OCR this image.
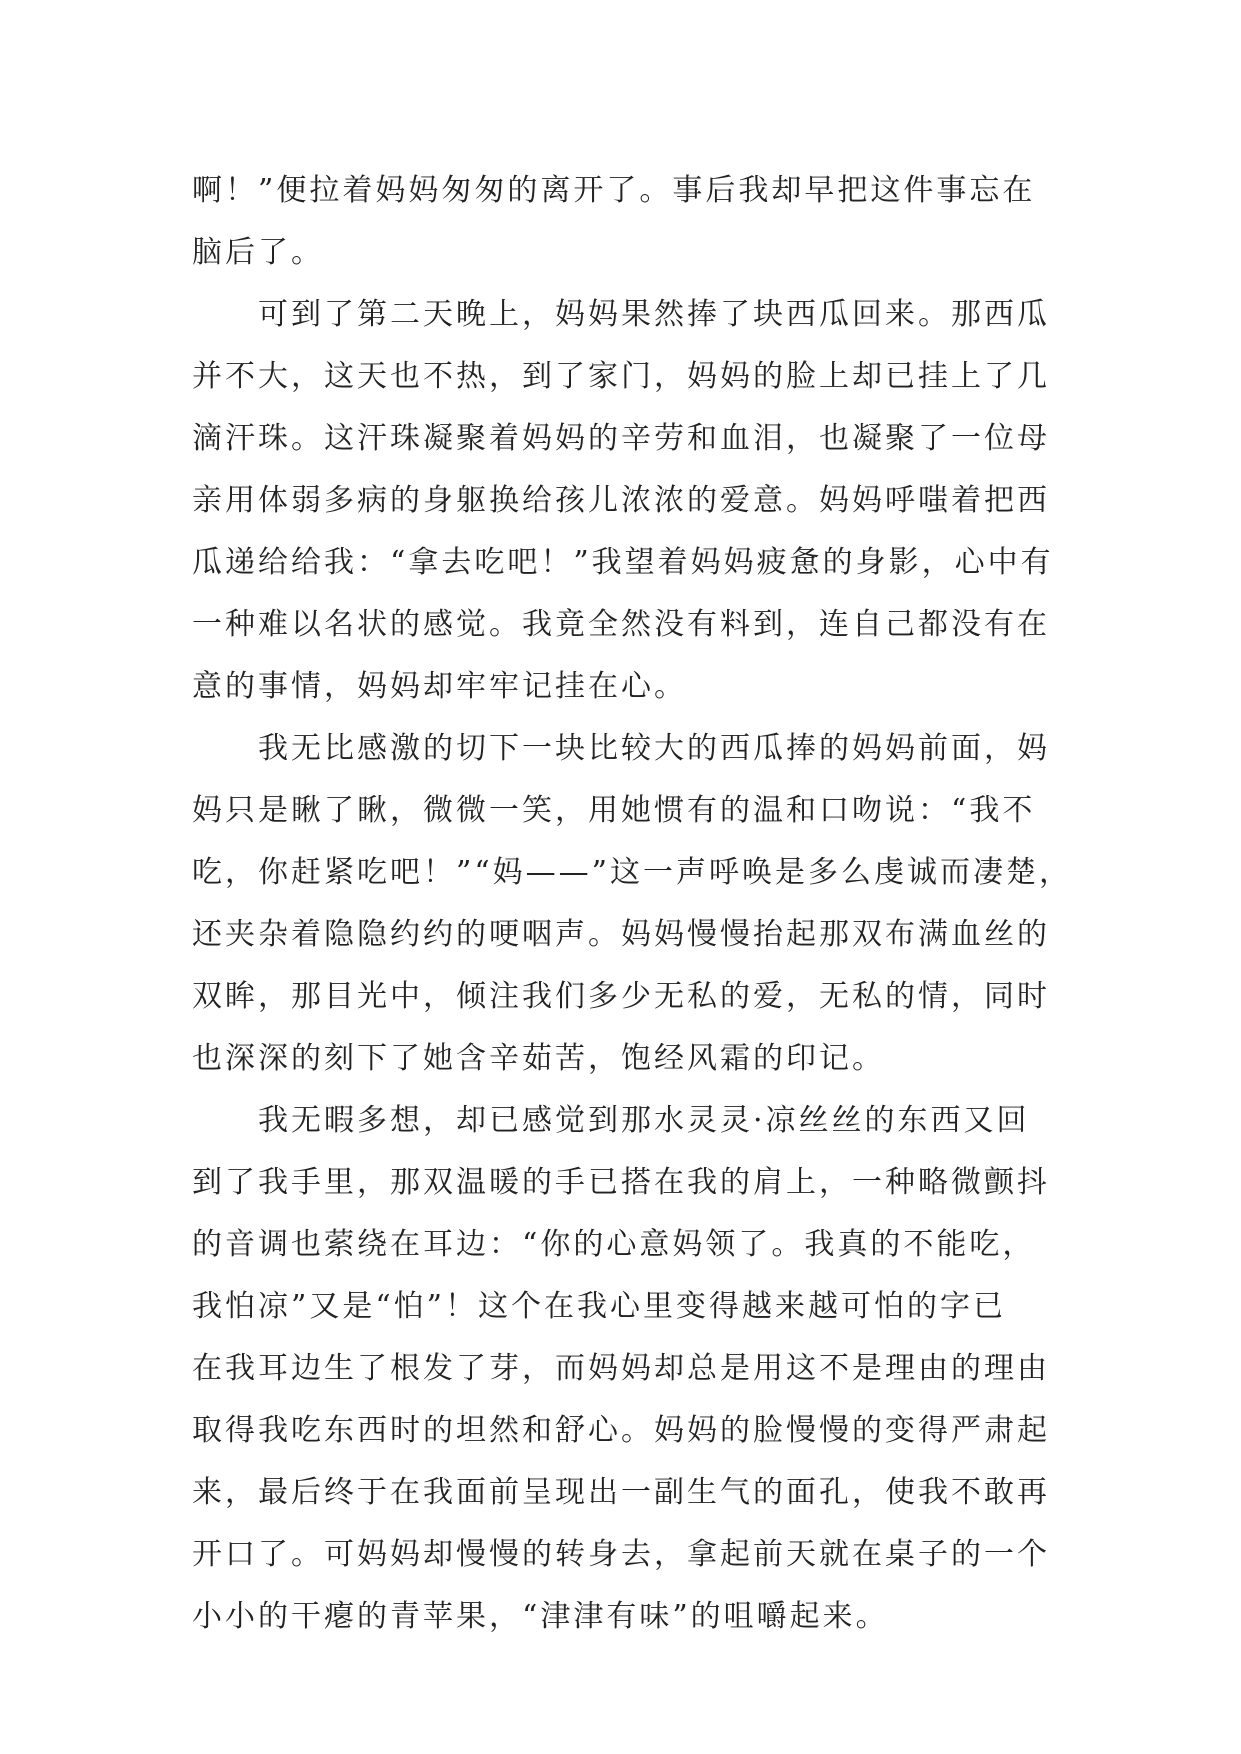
啊！”便拉着妈妈匆匆的离开了。事后我却早把这件事忘在
脑后了。

可到了第二天晚上，妈妈果然捧了块西瓜回来。那西瓜
并不大，这天也不热，到了家门，妈妈的脸上却已挂上了几
滴汗珠。这汗珠凝聚着妈妈的辛劳和血泪，也凝聚了一位母
亲用体弱多病的身躯换给孩儿浓浓的爱意。妈妈呼嗤着把西
瓜递给给我：“拿去吃吧！”我望着妈妈疲惫的身影，心中有
一种难以名状的感觉。我竟全然没有料到，连自己都没有在
意的事情，妈妈却牢牢记挂在心。

我无比感激的切下一块比较大的西瓜捧的妈妈前面，妈
妈只是瞅了瞅，微微一笑，用她惯有的温和口吻说：“我不
吃，你赶紧吃吧！”“妈——”这一声呼唤是多么虔诚而凄楚，
还夹杂着隐隐约约的哽咽声。妈妈慢慢抬起那双布满血丝的
双眸，那目光中，倾注我们多少无私的爱，无私的情，同时
也深深的刻下了她含辛茹苦，饱经风霜的印记。

我无暇多想，却已感觉到那水灵灵·凉丝丝的东西又回
到了我手里，那双温暖的手已搭在我的肩上，一种略微颤抖
的音调也萦绕在耳边：“你的心意妈领了。我真的不能吃，
我怕凉”又是“怕”！这个在我心里变得越来越可怕的字已
在我耳边生了根发了芽，而妈妈却总是用这不是理由的理由
取得我吃东西时的坦然和舒心。妈妈的脸慢慢的变得严肃起
来，最后终于在我面前呈现出一副生气的面孔，使我不敢再
开口了。可妈妈却慢慢的转身去，拿起前天就在桌子的一个
小小的干瘪的青苹果，“津津有味”的咀嚼起来。
